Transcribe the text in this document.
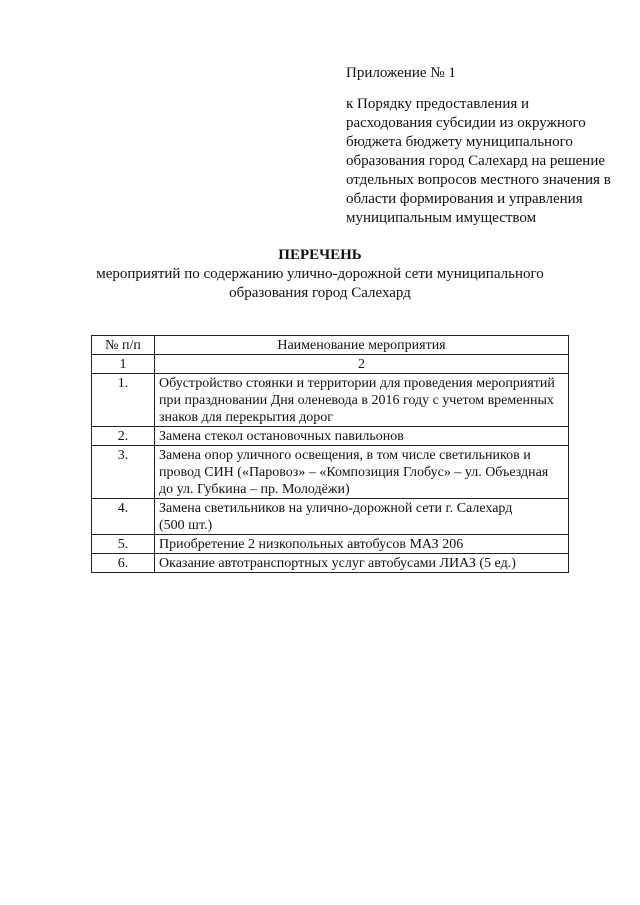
Приложение № 1
к Порядку предоставления и
расходования субсидии из окружного
бюджета бюджету муниципального
образования город Салехард на решение
отдельных вопросов местного значения в
области формирования и управления
муниципальным имуществом
ПЕРЕЧЕНЬ
мероприятий по содержанию улично-дорожной сети муниципального
образования город Салехард
№ п/п	Наименование мероприятия
1	2
1.	Обустройство стоянки и территории для проведения мероприятий
при праздновании Дня оленевода в 2016 году с учетом временных
знаков для перекрытия дорог

2.	Замена стекол остановочных павильонов

3.	Замена опор уличного освещения, в том числе светильников и
провод СИН («Паровоз» – «Композиция Глобус» – ул. Объездная
до ул. Губкина – пр. Молодёжи)

4.	Замена светильников на улично-дорожной сети г. Салехард
(500 шт.)

5.	Приобретение 2 низкопольных автобусов МАЗ 206

6.	Оказание автотранспортных услуг автобусами ЛИАЗ (5 ед.)
